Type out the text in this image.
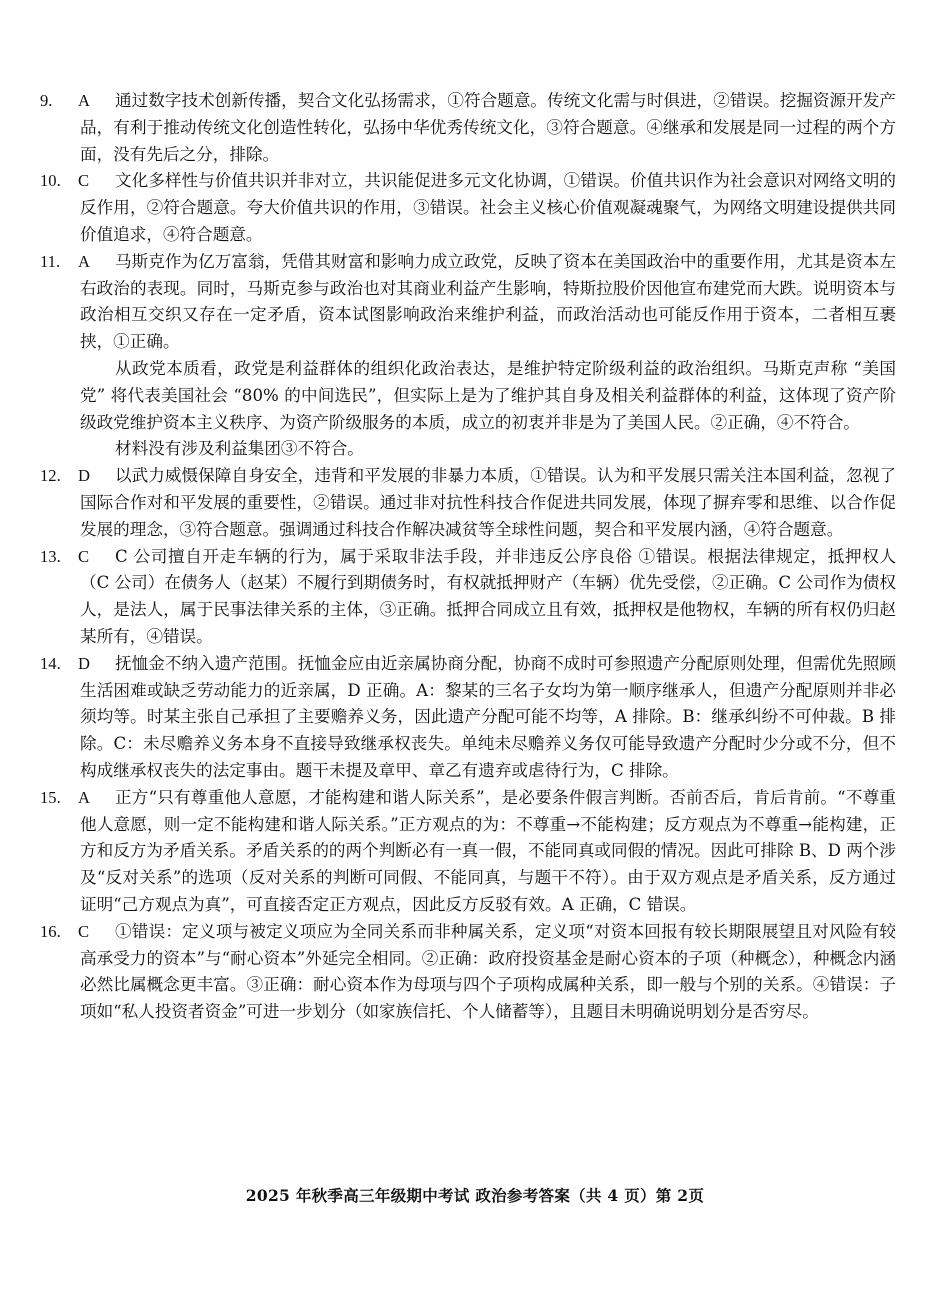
9.	A	通过数字技术创新传播，契合文化弘扬需求，①符合题意。传统文化需与时俱进，②错误。挖掘资源开发产品，有利于推动传统文化创造性转化，弘扬中华优秀传统文化，③符合题意。④继承和发展是同一过程的两个方面，没有先后之分，排除。

10.	C	文化多样性与价值共识并非对立，共识能促进多元文化协调，①错误。价值共识作为社会意识对网络文明的反作用，②符合题意。夸大价值共识的作用，③错误。社会主义核心价值观凝魂聚气，为网络文明建设提供共同价值追求，④符合题意。

11.	A	马斯克作为亿万富翁，凭借其财富和影响力成立政党，反映了资本在美国政治中的重要作用，尤其是资本左右政治的表现。同时，马斯克参与政治也对其商业利益产生影响，特斯拉股价因他宣布建党而大跌。说明资本与政治相互交织又存在一定矛盾，资本试图影响政治来维护利益，而政治活动也可能反作用于资本，二者相互裹挟，①正确。

从政党本质看，政党是利益群体的组织化政治表达，是维护特定阶级利益的政治组织。马斯克声称 “美国党” 将代表美国社会 “80% 的中间选民”，但实际上是为了维护其自身及相关利益群体的利益，这体现了资产阶级政党维护资本主义秩序、为资产阶级服务的本质，成立的初衷并非是为了美国人民。②正确，④不符合。

材料没有涉及利益集团③不符合。

12.	D	以武力威慑保障自身安全，违背和平发展的非暴力本质，①错误。认为和平发展只需关注本国利益，忽视了国际合作对和平发展的重要性，②错误。通过非对抗性科技合作促进共同发展，体现了摒弃零和思维、以合作促发展的理念，③符合题意。强调通过科技合作解决减贫等全球性问题，契合和平发展内涵，④符合题意。

13.	C	C 公司擅自开走车辆的行为，属于采取非法手段，并非违反公序良俗 ①错误。根据法律规定，抵押权人（C 公司）在债务人（赵某）不履行到期债务时，有权就抵押财产（车辆）优先受偿，②正确。C 公司作为债权人，是法人，属于民事法律关系的主体，③正确。抵押合同成立且有效，抵押权是他物权，车辆的所有权仍归赵某所有，④错误。

14.	D	抚恤金不纳入遗产范围。抚恤金应由近亲属协商分配，协商不成时可参照遗产分配原则处理，但需优先照顾生活困难或缺乏劳动能力的近亲属，D 正确。A：黎某的三名子女均为第一顺序继承人，但遗产分配原则并非必须均等。时某主张自己承担了主要赡养义务，因此遗产分配可能不均等，A 排除。B：继承纠纷不可仲裁。B 排除。C：未尽赡养义务本身不直接导致继承权丧失。单纯未尽赡养义务仅可能导致遗产分配时少分或不分，但不构成继承权丧失的法定事由。题干未提及章甲、章乙有遗弃或虐待行为，C 排除。

15.	A	正方“只有尊重他人意愿，才能构建和谐人际关系”，是必要条件假言判断。否前否后，肯后肯前。“不尊重他人意愿，则一定不能构建和谐人际关系。”正方观点的为：不尊重→不能构建；反方观点为不尊重→能构建，正方和反方为矛盾关系。矛盾关系的的两个判断必有一真一假，不能同真或同假的情况。因此可排除 B、D 两个涉及“反对关系”的选项（反对关系的判断可同假、不能同真，与题干不符）。由于双方观点是矛盾关系，反方通过证明“己方观点为真”，可直接否定正方观点，因此反方反驳有效。A 正确，C 错误。

16.	C	①错误：定义项与被定义项应为全同关系而非种属关系，定义项“对资本回报有较长期限展望且对风险有较高承受力的资本”与“耐心资本”外延完全相同。②正确：政府投资基金是耐心资本的子项（种概念），种概念内涵必然比属概念更丰富。③正确：耐心资本作为母项与四个子项构成属种关系，即一般与个别的关系。④错误：子项如“私人投资者资金”可进一步划分（如家族信托、个人储蓄等），且题目未明确说明划分是否穷尽。

2025 年秋季高三年级期中考试 政治参考答案（共 4 页）第 2页
